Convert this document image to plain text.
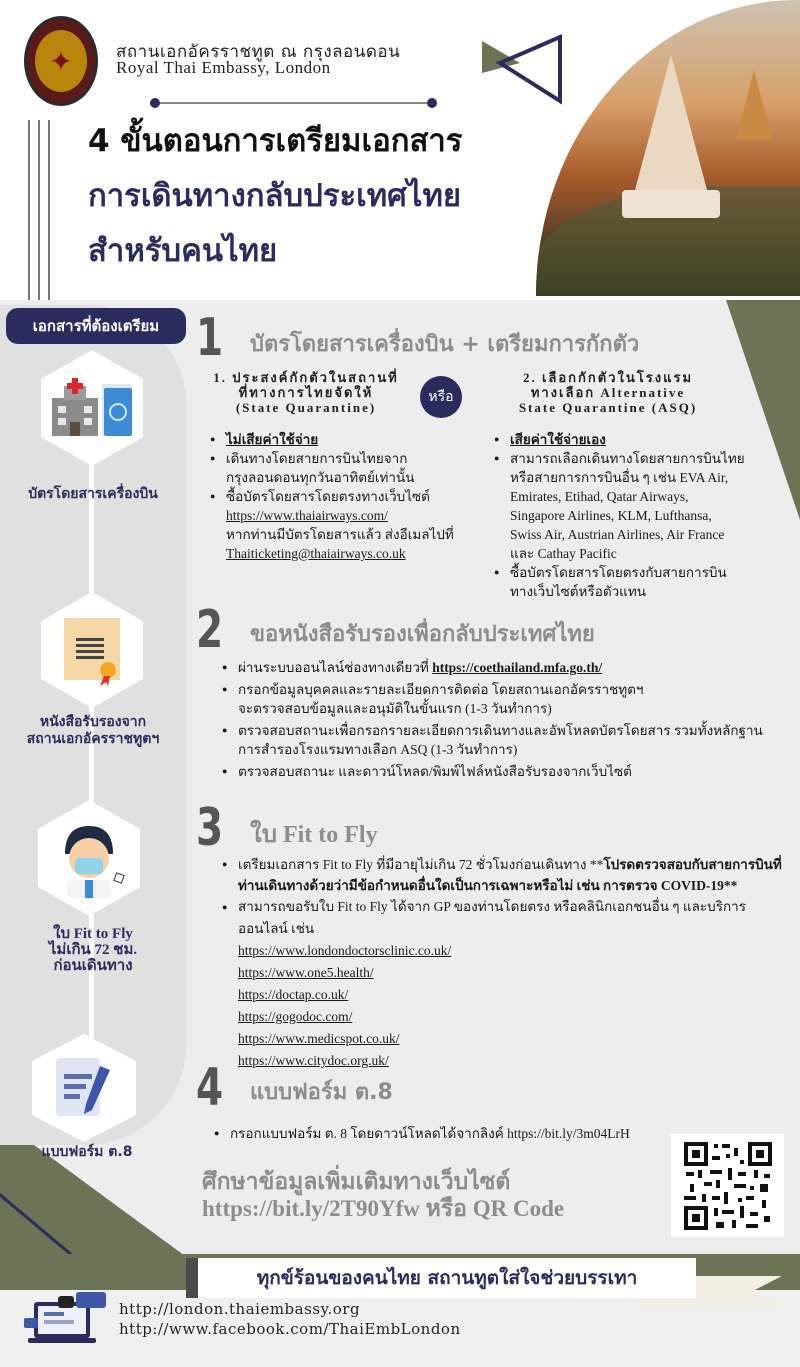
✦	สถานเอกอัครราชทูต ณ กรุงลอนดอน
Royal Thai Embassy, London
4 ขั้นตอนการเตรียมเอกสาร
การเดินทางกลับประเทศไทย
สำหรับคนไทย
เอกสารที่ต้องเตรียม
บัตรโดยสารเครื่องบิน
หนังสือรับรองจาก
สถานเอกอัครราชทูตฯ
ใบ Fit to Fly
ไม่เกิน 72 ชม.
ก่อนเดินทาง
แบบฟอร์ม ต.8
1 บัตรโดยสารเครื่องบิน + เตรียมการกักตัว
1. ประสงค์กักตัวในสถานที่
ที่ทางการไทยจัดให้
(State Quarantine)
หรือ
2. เลือกกักตัวในโรงแรม
ทางเลือก Alternative
State Quarantine (ASQ)
● ไม่เสียค่าใช้จ่าย
● เดินทางโดยสายการบินไทยจาก
กรุงลอนดอนทุกวันอาทิตย์เท่านั้น
● ซื้อบัตรโดยสารโดยตรงทางเว็บไซต์
https://www.thaiairways.com/
หากท่านมีบัตรโดยสารแล้ว ส่งอีเมลไปที่
Thaiticketing@thaiairways.co.uk
● เสียค่าใช้จ่ายเอง
● สามารถเลือกเดินทางโดยสายการบินไทย
หรือสายการการบินอื่น ๆ เช่น EVA Air,
Emirates, Etihad, Qatar Airways,
Singapore Airlines, KLM, Lufthansa,
Swiss Air, Austrian Airlines, Air France
และ Cathay Pacific
● ซื้อบัตรโดยสารโดยตรงกับสายการบิน
ทางเว็บไซต์หรือตัวแทน
2 ขอหนังสือรับรองเพื่อกลับประเทศไทย
● ผ่านระบบออนไลน์ช่องทางเดียวที่ https://coethailand.mfa.go.th/
● กรอกข้อมูลบุคคลและรายละเอียดการติดต่อ โดยสถานเอกอัครราชทูตฯ
จะตรวจสอบข้อมูลและอนุมัติในขั้นแรก (1-3 วันทำการ)
● ตรวจสอบสถานะเพื่อกรอกรายละเอียดการเดินทางและอัพโหลดบัตรโดยสาร รวมทั้งหลักฐาน
การสำรองโรงแรมทางเลือก ASQ (1-3 วันทำการ)
● ตรวจสอบสถานะ และดาวน์โหลด/พิมพ์ไฟล์หนังสือรับรองจากเว็บไซต์
3 ใบ Fit to Fly
● เตรียมเอกสาร Fit to Fly ที่มีอายุไม่เกิน 72 ชั่วโมงก่อนเดินทาง **โปรดตรวจสอบกับสายการบินที่
ท่านเดินทางด้วยว่ามีข้อกำหนดอื่นใดเป็นการเฉพาะหรือไม่ เช่น การตรวจ COVID-19**
● สามารถขอรับใบ Fit to Fly ได้จาก GP ของท่านโดยตรง หรือคลินิกเอกชนอื่น ๆ และบริการออนไลน์ เช่น
https://www.londondoctorsclinic.co.uk/
https://www.one5.health/
https://doctap.co.uk/
https://gogodoc.com/
https://www.medicspot.co.uk/
https://www.citydoc.org.uk/
4 แบบฟอร์ม ต.8
● กรอกแบบฟอร์ม ต. 8 โดยดาวน์โหลดได้จากลิงค์ https://bit.ly/3m04LrH
ศึกษาข้อมูลเพิ่มเติมทางเว็บไซต์
https://bit.ly/2T90Yfw หรือ QR Code
ทุกข์ร้อนของคนไทย สถานทูตใส่ใจช่วยบรรเทา
http://london.thaiembassy.org
http://www.facebook.com/ThaiEmbLondon
